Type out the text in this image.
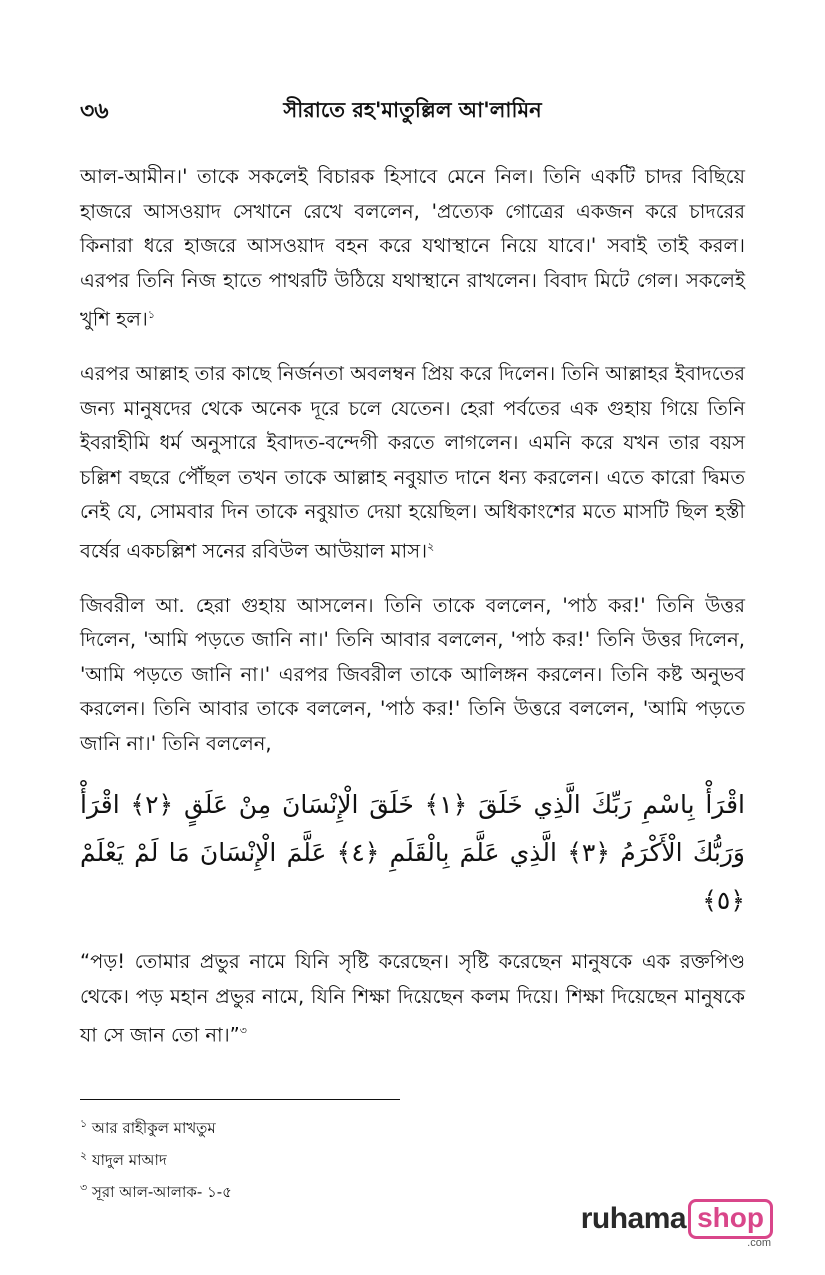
৩৬	সীরাতে রহ'মাতুল্লিল আ'লামিন

আল-আমীন।' তাকে সকলেই বিচারক হিসাবে মেনে নিল। তিনি একটি চাদর বিছিয়ে হাজরে আসওয়াদ সেখানে রেখে বললেন, 'প্রত্যেক গোত্রের একজন করে চাদরের কিনারা ধরে হাজরে আসওয়াদ বহন করে যথাস্থানে নিয়ে যাবে।' সবাই তাই করল। এরপর তিনি নিজ হাতে পাথরটি উঠিয়ে যথাস্থানে রাখলেন। বিবাদ মিটে গেল। সকলেই খুশি হল।$^১$

এরপর আল্লাহ তার কাছে নির্জনতা অবলম্বন প্রিয় করে দিলেন। তিনি আল্লাহর ইবাদতের জন্য মানুষদের থেকে অনেক দূরে চলে যেতেন। হেরা পর্বতের এক গুহায় গিয়ে তিনি ইবরাহীমি ধর্ম অনুসারে ইবাদত-বন্দেগী করতে লাগলেন। এমনি করে যখন তার বয়স চল্লিশ বছরে পৌঁছল তখন তাকে আল্লাহ নবুয়াত দানে ধন্য করলেন। এতে কারো দ্বিমত নেই যে, সোমবার দিন তাকে নবুয়াত দেয়া হয়েছিল। অধিকাংশের মতে মাসটি ছিল হস্তী বর্ষের একচল্লিশ সনের রবিউল আউয়াল মাস।$^২$

জিবরীল আ. হেরা গুহায় আসলেন। তিনি তাকে বললেন, 'পাঠ কর!' তিনি উত্তর দিলেন, 'আমি পড়তে জানি না।' তিনি আবার বললেন, 'পাঠ কর!' তিনি উত্তর দিলেন, 'আমি পড়তে জানি না।' এরপর জিবরীল তাকে আলিঙ্গন করলেন। তিনি কষ্ট অনুভব করলেন। তিনি আবার তাকে বললেন, 'পাঠ কর!' তিনি উত্তরে বললেন, 'আমি পড়তে জানি না।' তিনি বললেন,

اقْرَأْ بِاسْمِ رَبِّكَ الَّذِي خَلَقَ ﴿١﴾ خَلَقَ الْإِنْسَانَ مِنْ عَلَقٍ ﴿٢﴾ اقْرَأْ وَرَبُّكَ الْأَكْرَمُ ﴿٣﴾ الَّذِي عَلَّمَ بِالْقَلَمِ ﴿٤﴾ عَلَّمَ الْإِنْسَانَ مَا لَمْ يَعْلَمْ ﴿٥﴾

“পড়! তোমার প্রভুর নামে যিনি সৃষ্টি করেছেন। সৃষ্টি করেছেন মানুষকে এক রক্তপিণ্ড থেকে। পড় মহান প্রভুর নামে, যিনি শিক্ষা দিয়েছেন কলম দিয়ে। শিক্ষা দিয়েছেন মানুষকে যা সে জান তো না।”$^৩$

$^১$ আর রাহীকুল মাখতুম
$^২$ যাদুল মাআদ
$^৩$ সূরা আল-আলাক- ১-৫
ruhama shop
.com
